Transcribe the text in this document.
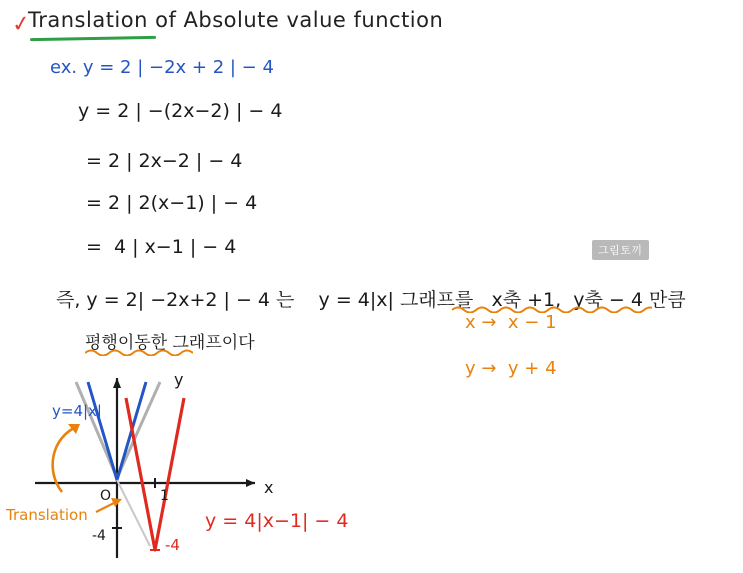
✓
Translation of Absolute value function
ex. y = 2 | −2x + 2 | − 4
y = 2 | −(2x−2) | − 4
= 2 | 2x−2 | − 4
= 2 | 2(x−1) | − 4
=  4 | x−1 | − 4
즉, y = 2| −2x+2 | − 4 는    y = 4|x| 그래프를   x축 +1,  y축 − 4 만큼
평행이동한 그래프이다
x →  x − 1
y →  y + 4
그림토끼
y
x
O	1
-4	-4
y=4|x|
Translation	y = 4|x−1| − 4
